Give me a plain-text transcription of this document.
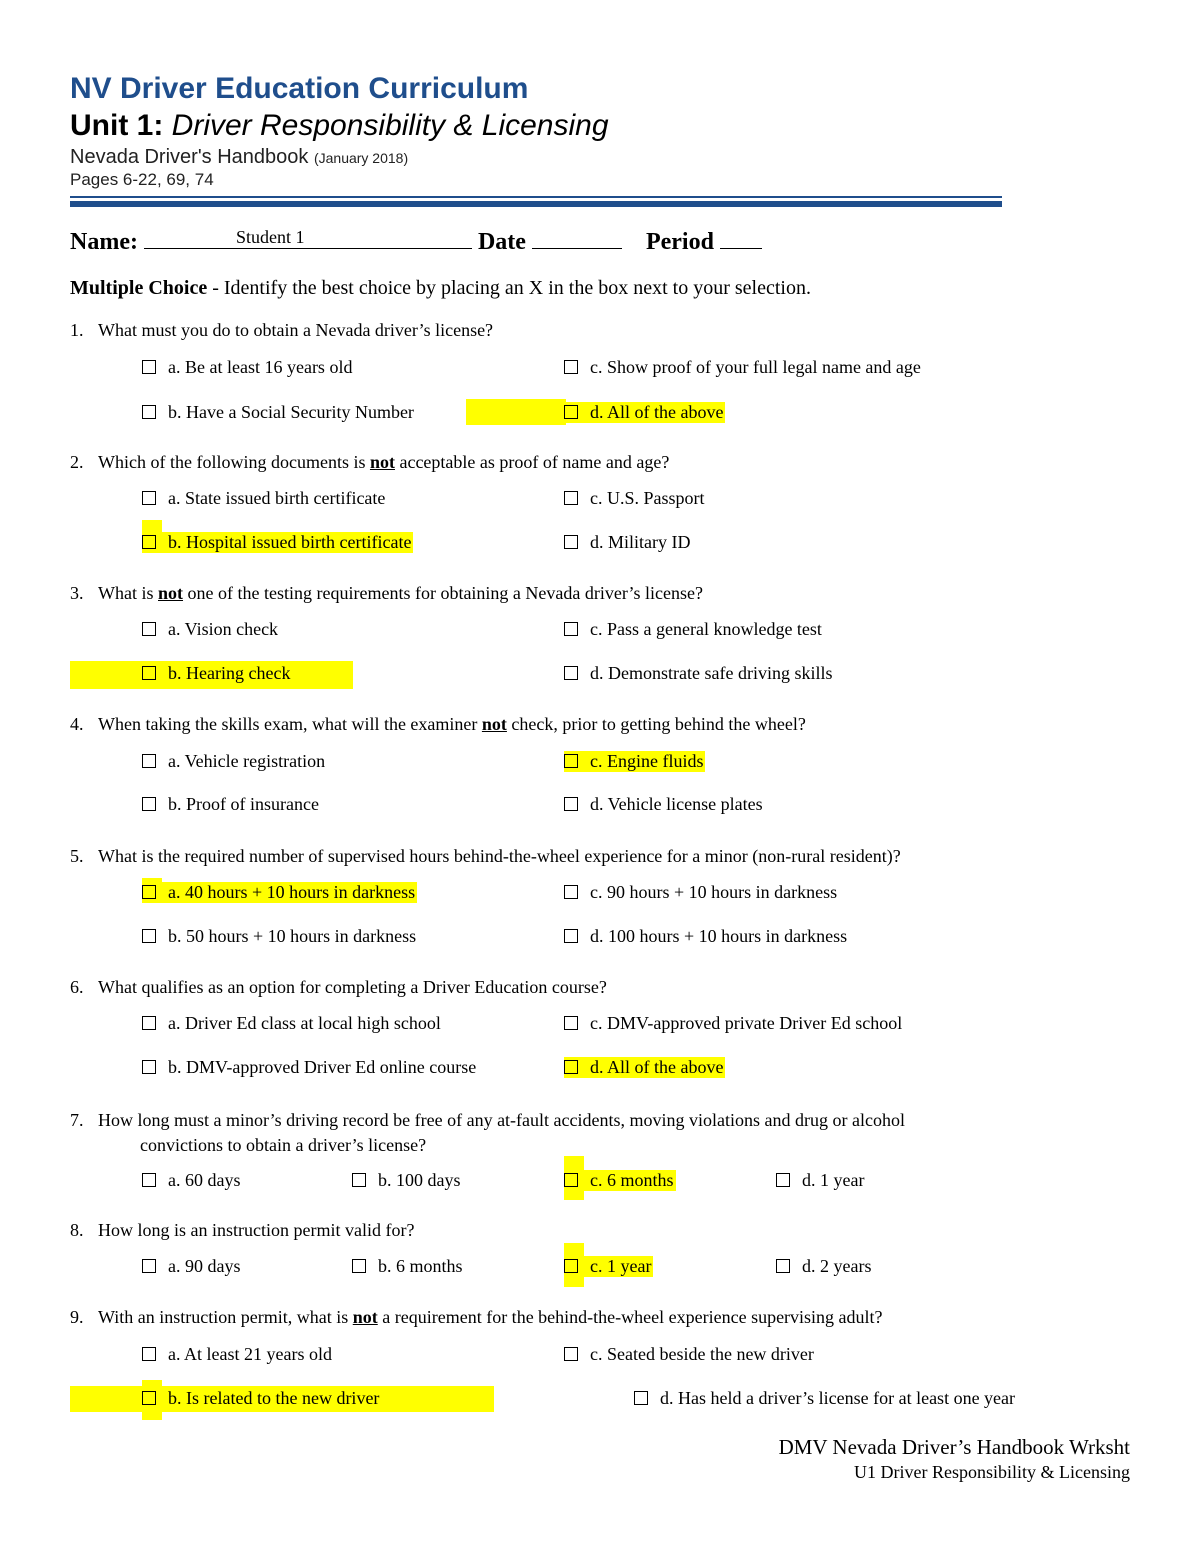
NV Driver Education Curriculum
Unit 1: Driver Responsibility & Licensing
Nevada Driver's Handbook (January 2018)
Pages 6-22, 69, 74
Name:	Student 1	Date	Period
Multiple Choice - Identify the best choice by placing an X in the box next to your selection.
1. What must you do to obtain a Nevada driver’s license?
a. Be at least 16 years old
b. Have a Social Security Number
c. Show proof of your full legal name and age
d. All of the above
2. Which of the following documents is not acceptable as proof of name and age?
a. State issued birth certificate
b. Hospital issued birth certificate
c. U.S. Passport
d. Military ID
3. What is not one of the testing requirements for obtaining a Nevada driver’s license?
a. Vision check
b. Hearing check
c. Pass a general knowledge test
d. Demonstrate safe driving skills
4. When taking the skills exam, what will the examiner not check, prior to getting behind the wheel?
a. Vehicle registration
b. Proof of insurance
c. Engine fluids
d. Vehicle license plates
5. What is the required number of supervised hours behind-the-wheel experience for a minor (non-rural resident)?
a. 40 hours + 10 hours in darkness
b. 50 hours + 10 hours in darkness
c. 90 hours + 10 hours in darkness
d. 100 hours + 10 hours in darkness
6. What qualifies as an option for completing a Driver Education course?
a. Driver Ed class at local high school
b. DMV-approved Driver Ed online course
c. DMV-approved private Driver Ed school
d. All of the above
7. How long must a minor’s driving record be free of any at-fault accidents, moving violations and drug or alcohol
convictions to obtain a driver’s license?
a. 60 days	b. 100 days	c. 6 months	d. 1 year
8. How long is an instruction permit valid for?
a. 90 days	b. 6 months	c. 1 year	d. 2 years
9. With an instruction permit, what is not a requirement for the behind-the-wheel experience supervising adult?
a. At least 21 years old
b. Is related to the new driver
c. Seated beside the new driver
d. Has held a driver’s license for at least one year
DMV Nevada Driver’s Handbook Wrksht
U1 Driver Responsibility & Licensing
